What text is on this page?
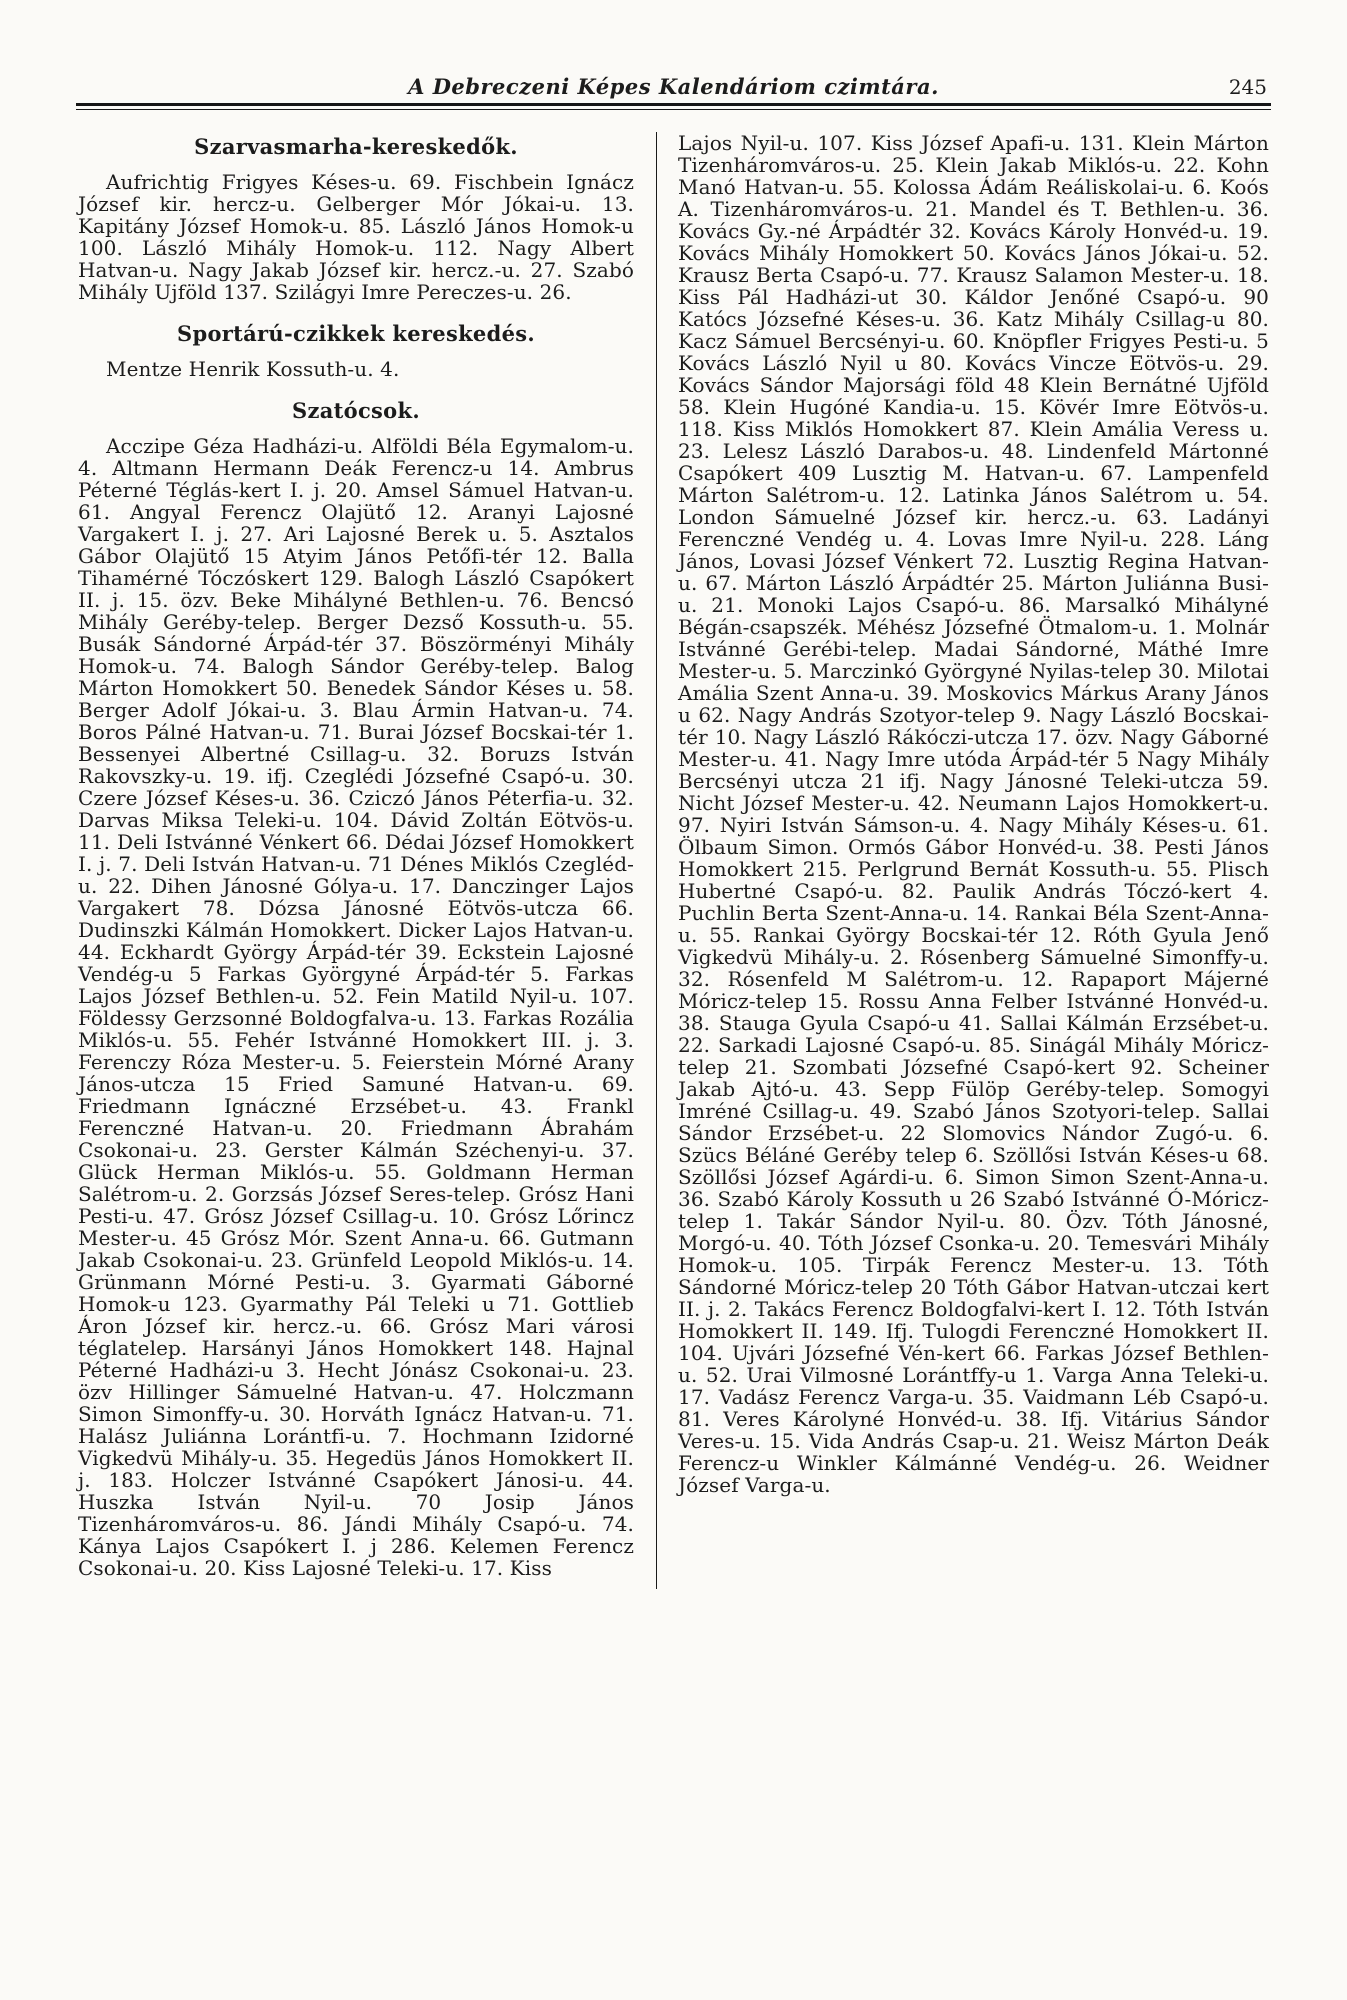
A Debreczeni Képes Kalendáriom czimtára.	245
Szarvasmarha-kereskedők.

Aufrichtig Frigyes Késes-u. 69. Fischbein Ignácz József kir. hercz-u. Gelberger Mór Jókai-u. 13. Kapitány József Homok-u. 85. László János Homok-u 100. László Mihály Homok-u. 112. Nagy Albert Hatvan-u. Nagy Jakab József kir. hercz.-u. 27. Szabó Mihály Ujföld 137. Szilágyi Imre Pereczes-u. 26.

Sportárú-czikkek kereskedés.

Mentze Henrik Kossuth-u. 4.

Szatócsok.

Acczipe Géza Hadházi-u. Alföldi Béla Egymalom-u. 4. Altmann Hermann Deák Ferencz-u 14. Ambrus Péterné Téglás-kert I. j. 20. Amsel Sámuel Hatvan-u. 61. Angyal Ferencz Olajütő 12. Aranyi Lajosné Vargakert I. j. 27. Ari Lajosné Berek u. 5. Asztalos Gábor Olajütő 15 Atyim János Petőfi-tér 12. Balla Tihamérné Tóczóskert 129. Balogh László Csapókert II. j. 15. özv. Beke Mihályné Bethlen-u. 76. Bencsó Mihály Geréby-telep. Berger Dezső Kossuth-u. 55. Busák Sándorné Árpád-tér 37. Böszörményi Mihály Homok-u. 74. Balogh Sándor Geréby-telep. Balog Márton Homokkert 50. Benedek Sándor Késes u. 58. Berger Adolf Jókai-u. 3. Blau Ármin Hatvan-u. 74. Boros Pálné Hatvan-u. 71. Burai József Bocskai-tér 1. Bessenyei Albertné Csillag-u. 32. Boruzs István Rakovszky-u. 19. ifj. Czeglédi Józsefné Csapó-u. 30. Czere József Késes-u. 36. Cziczó János Péterfia-u. 32. Darvas Miksa Teleki-u. 104. Dávid Zoltán Eötvös-u. 11. Deli Istvánné Vénkert 66. Dédai József Homokkert I. j. 7. Deli István Hatvan-u. 71 Dénes Miklós Czegléd-u. 22. Dihen Jánosné Gólya-u. 17. Danczinger Lajos Vargakert 78. Dózsa Jánosné Eötvös-utcza 66. Dudinszki Kálmán Homokkert. Dicker Lajos Hatvan-u. 44. Eckhardt György Árpád-tér 39. Eckstein Lajosné Vendég-u 5 Farkas Györgyné Árpád-tér 5. Farkas Lajos József Bethlen-u. 52. Fein Matild Nyil-u. 107. Földessy Gerzsonné Boldogfalva-u. 13. Farkas Rozália Miklós-u. 55. Fehér Istvánné Homokkert III. j. 3. Ferenczy Róza Mester-u. 5. Feierstein Mórné Arany János-utcza 15 Fried Samuné Hatvan-u. 69. Friedmann Ignáczné Erzsébet-u. 43. Frankl Ferenczné Hatvan-u. 20. Friedmann Ábrahám Csokonai-u. 23. Gerster Kálmán Széchenyi-u. 37. Glück Herman Miklós-u. 55. Goldmann Herman Salétrom-u. 2. Gorzsás József Seres-telep. Grósz Hani Pesti-u. 47. Grósz József Csillag-u. 10. Grósz Lőrincz Mester-u. 45 Grósz Mór. Szent Anna-u. 66. Gutmann Jakab Csokonai-u. 23. Grünfeld Leopold Miklós-u. 14. Grünmann Mórné Pesti-u. 3. Gyarmati Gáborné Homok-u 123. Gyarmathy Pál Teleki u 71. Gottlieb Áron József kir. hercz.-u. 66. Grósz Mari városi téglatelep. Harsányi János Homokkert 148. Hajnal Péterné Hadházi-u 3. Hecht Jónász Csokonai-u. 23. özv Hillinger Sámuelné Hatvan-u. 47. Holczmann Simon Simonffy-u. 30. Horváth Ignácz Hatvan-u. 71. Halász Juliánna Lorántfi-u. 7. Hochmann Izidorné Vigkedvü Mihály-u. 35. Hegedüs János Homokkert II. j. 183. Holczer Istvánné Csapókert Jánosi-u. 44. Huszka István Nyil-u. 70 Josip János Tizenháromváros-u. 86. Jándi Mihály Csapó-u. 74. Kánya Lajos Csapókert I. j 286. Kelemen Ferencz Csokonai-u. 20. Kiss Lajosné Teleki-u. 17. Kiss

Lajos Nyil-u. 107. Kiss József Apafi-u. 131. Klein Márton Tizenháromváros-u. 25. Klein Jakab Miklós-u. 22. Kohn Manó Hatvan-u. 55. Kolossa Ádám Reáliskolai-u. 6. Koós A. Tizenháromváros-u. 21. Mandel és T. Bethlen-u. 36. Kovács Gy.-né Árpádtér 32. Kovács Károly Honvéd-u. 19. Kovács Mihály Homokkert 50. Kovács János Jókai-u. 52. Krausz Berta Csapó-u. 77. Krausz Salamon Mester-u. 18. Kiss Pál Hadházi-ut 30. Káldor Jenőné Csapó-u. 90 Katócs Józsefné Késes-u. 36. Katz Mihály Csillag-u 80. Kacz Sámuel Bercsényi-u. 60. Knöpfler Frigyes Pesti-u. 5 Kovács László Nyil u 80. Kovács Vincze Eötvös-u. 29. Kovács Sándor Majorsági föld 48 Klein Bernátné Ujföld 58. Klein Hugóné Kandia-u. 15. Kövér Imre Eötvös-u. 118. Kiss Miklós Homokkert 87. Klein Amália Veress u. 23. Lelesz László Darabos-u. 48. Lindenfeld Mártonné Csapókert 409 Lusztig M. Hatvan-u. 67. Lampenfeld Márton Salétrom-u. 12. Latinka János Salétrom u. 54. London Sámuelné József kir. hercz.-u. 63. Ladányi Ferenczné Vendég u. 4. Lovas Imre Nyil-u. 228. Láng János, Lovasi József Vénkert 72. Lusztig Regina Hatvan-u. 67. Márton László Árpádtér 25. Márton Juliánna Busi-u. 21. Monoki Lajos Csapó-u. 86. Marsalkó Mihályné Bégán-csapszék. Méhész Józsefné Ötmalom-u. 1. Molnár Istvánné Gerébi-telep. Madai Sándorné, Máthé Imre Mester-u. 5. Marczinkó Györgyné Nyilas-telep 30. Milotai Amália Szent Anna-u. 39. Moskovics Márkus Arany János u 62. Nagy András Szotyor-telep 9. Nagy László Bocskai-tér 10. Nagy László Rákóczi-utcza 17. özv. Nagy Gáborné Mester-u. 41. Nagy Imre utóda Árpád-tér 5 Nagy Mihály Bercsényi utcza 21 ifj. Nagy Jánosné Teleki-utcza 59. Nicht József Mester-u. 42. Neumann Lajos Homokkert-u. 97. Nyiri István Sámson-u. 4. Nagy Mihály Késes-u. 61. Ölbaum Simon. Ormós Gábor Honvéd-u. 38. Pesti János Homokkert 215. Perlgrund Bernát Kossuth-u. 55. Plisch Hubertné Csapó-u. 82. Paulik András Tóczó-kert 4. Puchlin Berta Szent-Anna-u. 14. Rankai Béla Szent-Anna-u. 55. Rankai György Bocskai-tér 12. Róth Gyula Jenő Vigkedvü Mihály-u. 2. Rósenberg Sámuelné Simonffy-u. 32. Rósenfeld M Salétrom-u. 12. Rapaport Májerné Móricz-telep 15. Rossu Anna Felber Istvánné Honvéd-u. 38. Stauga Gyula Csapó-u 41. Sallai Kálmán Erzsébet-u. 22. Sarkadi Lajosné Csapó-u. 85. Sinágál Mihály Móricz-telep 21. Szombati Józsefné Csapó-kert 92. Scheiner Jakab Ajtó-u. 43. Sepp Fülöp Geréby-telep. Somogyi Imréné Csillag-u. 49. Szabó János Szotyori-telep. Sallai Sándor Erzsébet-u. 22 Slomovics Nándor Zugó-u. 6. Szücs Béláné Geréby telep 6. Szöllősi István Késes-u 68. Szöllősi József Agárdi-u. 6. Simon Simon Szent-Anna-u. 36. Szabó Károly Kossuth u 26 Szabó Istvánné Ó-Móricz-telep 1. Takár Sándor Nyil-u. 80. Özv. Tóth Jánosné, Morgó-u. 40. Tóth József Csonka-u. 20. Temesvári Mihály Homok-u. 105. Tirpák Ferencz Mester-u. 13. Tóth Sándorné Móricz-telep 20 Tóth Gábor Hatvan-utczai kert II. j. 2. Takács Ferencz Boldogfalvi-kert I. 12. Tóth István Homokkert II. 149. Ifj. Tulogdi Ferenczné Homokkert II. 104. Ujvári Józsefné Vén-kert 66. Farkas József Bethlen-u. 52. Urai Vilmosné Lorántffy-u 1. Varga Anna Teleki-u. 17. Vadász Ferencz Varga-u. 35. Vaidmann Léb Csapó-u. 81. Veres Károlyné Honvéd-u. 38. Ifj. Vitárius Sándor Veres-u. 15. Vida András Csap-u. 21. Weisz Márton Deák Ferencz-u Winkler Kálmánné Vendég-u. 26. Weidner József Varga-u.
